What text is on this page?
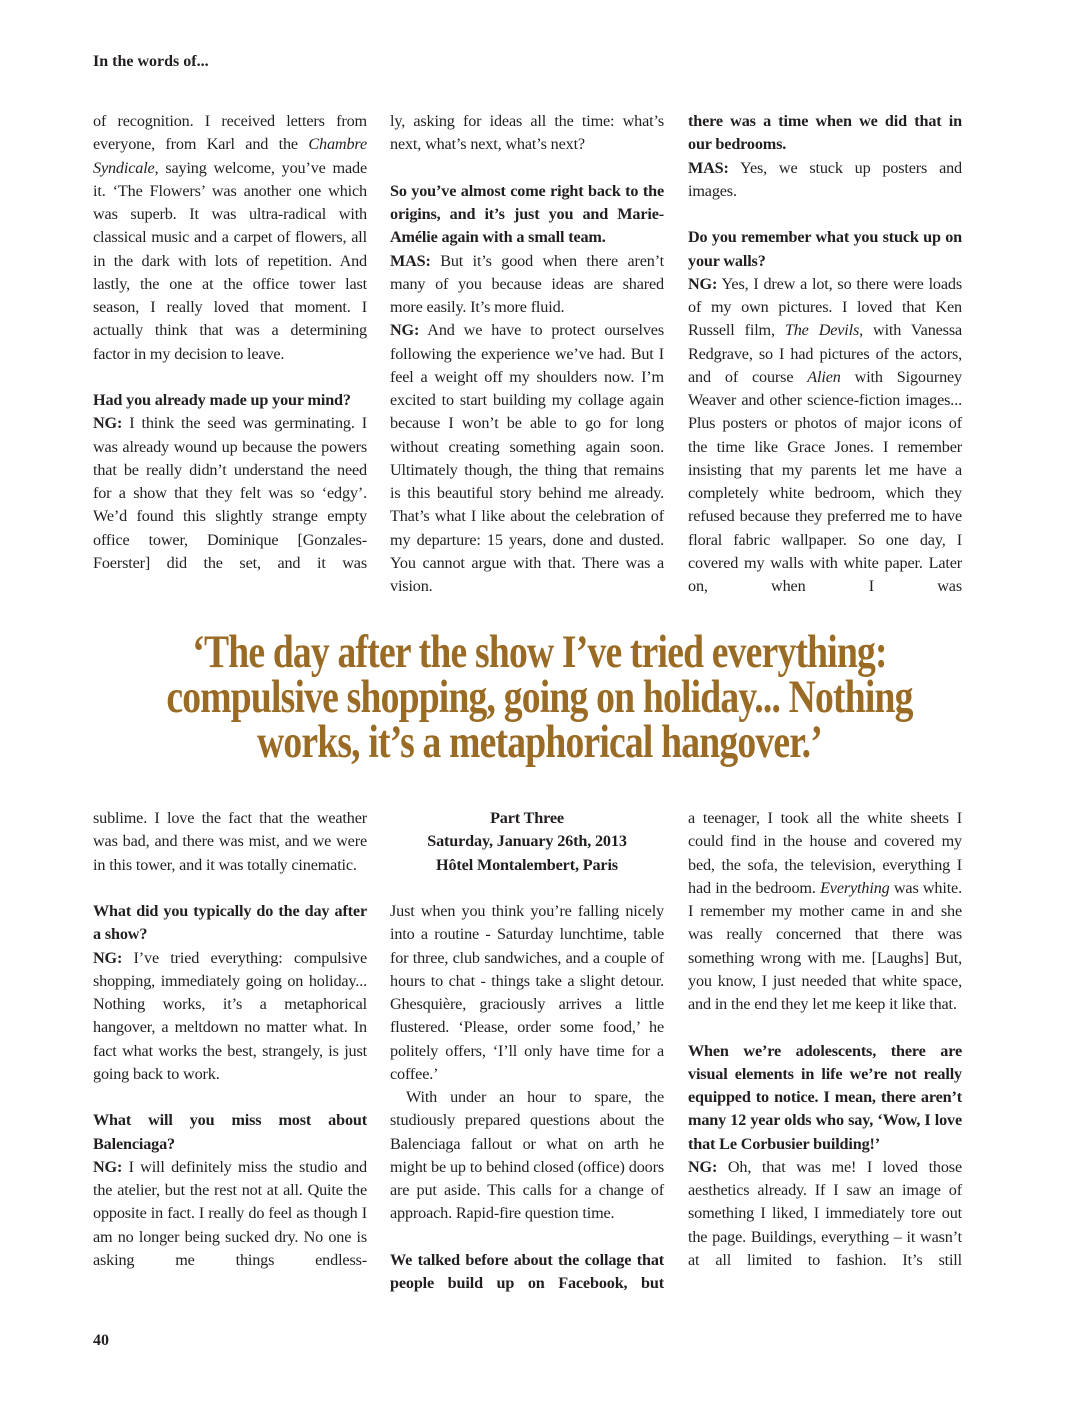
In the words of...

of recognition. I received letters from everyone, from Karl and the Chambre Syndicale, saying welcome, you’ve made it. ‘The Flowers’ was another one which was superb. It was ultra-radical with classical music and a carpet of flowers, all in the dark with lots of repetition. And lastly, the one at the office tower last season, I really loved that moment. I actually think that was a determining factor in my decision to leave.

Had you already made up your mind?

NG: I think the seed was germinating. I was already wound up because the powers that be really didn’t understand the need for a show that they felt was so ‘edgy’. We’d found this slightly strange empty office tower, Dominique [Gonzales-Foerster] did the set, and it was

ly, asking for ideas all the time: what’s next, what’s next, what’s next?

So you’ve almost come right back to the origins, and it’s just you and Marie-Amélie again with a small team.

MAS: But it’s good when there aren’t many of you because ideas are shared more easily. It’s more fluid.

NG: And we have to protect ourselves following the experience we’ve had. But I feel a weight off my shoulders now. I’m excited to start building my collage again because I won’t be able to go for long without creating something again soon. Ultimately though, the thing that remains is this beautiful story behind me already. That’s what I like about the celebration of my departure: 15 years, done and dusted. You cannot argue with that. There was a vision.

there was a time when we did that in our bedrooms.

MAS: Yes, we stuck up posters and images.

Do you remember what you stuck up on your walls?

NG: Yes, I drew a lot, so there were loads of my own pictures. I loved that Ken Russell film, The Devils, with Vanessa Redgrave, so I had pictures of the actors, and of course Alien with Sigourney Weaver and other science-fiction images... Plus posters or photos of major icons of the time like Grace Jones. I remember insisting that my parents let me have a completely white bedroom, which they refused because they preferred me to have floral fabric wallpaper. So one day, I covered my walls with white paper. Later on, when I was

‘The day after the show I’ve tried everything:
compulsive shopping, going on holiday... Nothing
works, it’s a metaphorical hangover.’

sublime. I love the fact that the weather was bad, and there was mist, and we were in this tower, and it was totally cinematic.

What did you typically do the day after a show?

NG: I’ve tried everything: compulsive shopping, immediately going on holiday... Nothing works, it’s a metaphorical hangover, a meltdown no matter what. In fact what works the best, strangely, is just going back to work.

What will you miss most about Balenciaga?

NG: I will definitely miss the studio and the atelier, but the rest not at all. Quite the opposite in fact. I really do feel as though I am no longer being sucked dry. No one is asking me things endless-

Part Three

Saturday, January 26th, 2013

Hôtel Montalembert, Paris

Just when you think you’re falling nicely into a routine - Saturday lunchtime, table for three, club sandwiches, and a couple of hours to chat - things take a slight detour. Ghesquière, graciously arrives a little flustered. ‘Please, order some food,’ he politely offers, ‘I’ll only have time for a coffee.’

With under an hour to spare, the studiously prepared questions about the Balenciaga fallout or what on arth he might be up to behind closed (office) doors are put aside. This calls for a change of approach. Rapid-fire question time.

We talked before about the collage that people build up on Facebook, but

a teenager, I took all the white sheets I could find in the house and covered my bed, the sofa, the television, everything I had in the bedroom. Everything was white. I remember my mother came in and she was really concerned that there was something wrong with me. [Laughs] But, you know, I just needed that white space, and in the end they let me keep it like that.

When we’re adolescents, there are visual elements in life we’re not really equipped to notice. I mean, there aren’t many 12 year olds who say, ‘Wow, I love that Le Corbusier building!’

NG: Oh, that was me! I loved those aesthetics already. If I saw an image of something I liked, I immediately tore out the page. Buildings, everything – it wasn’t at all limited to fashion. It’s still

40
